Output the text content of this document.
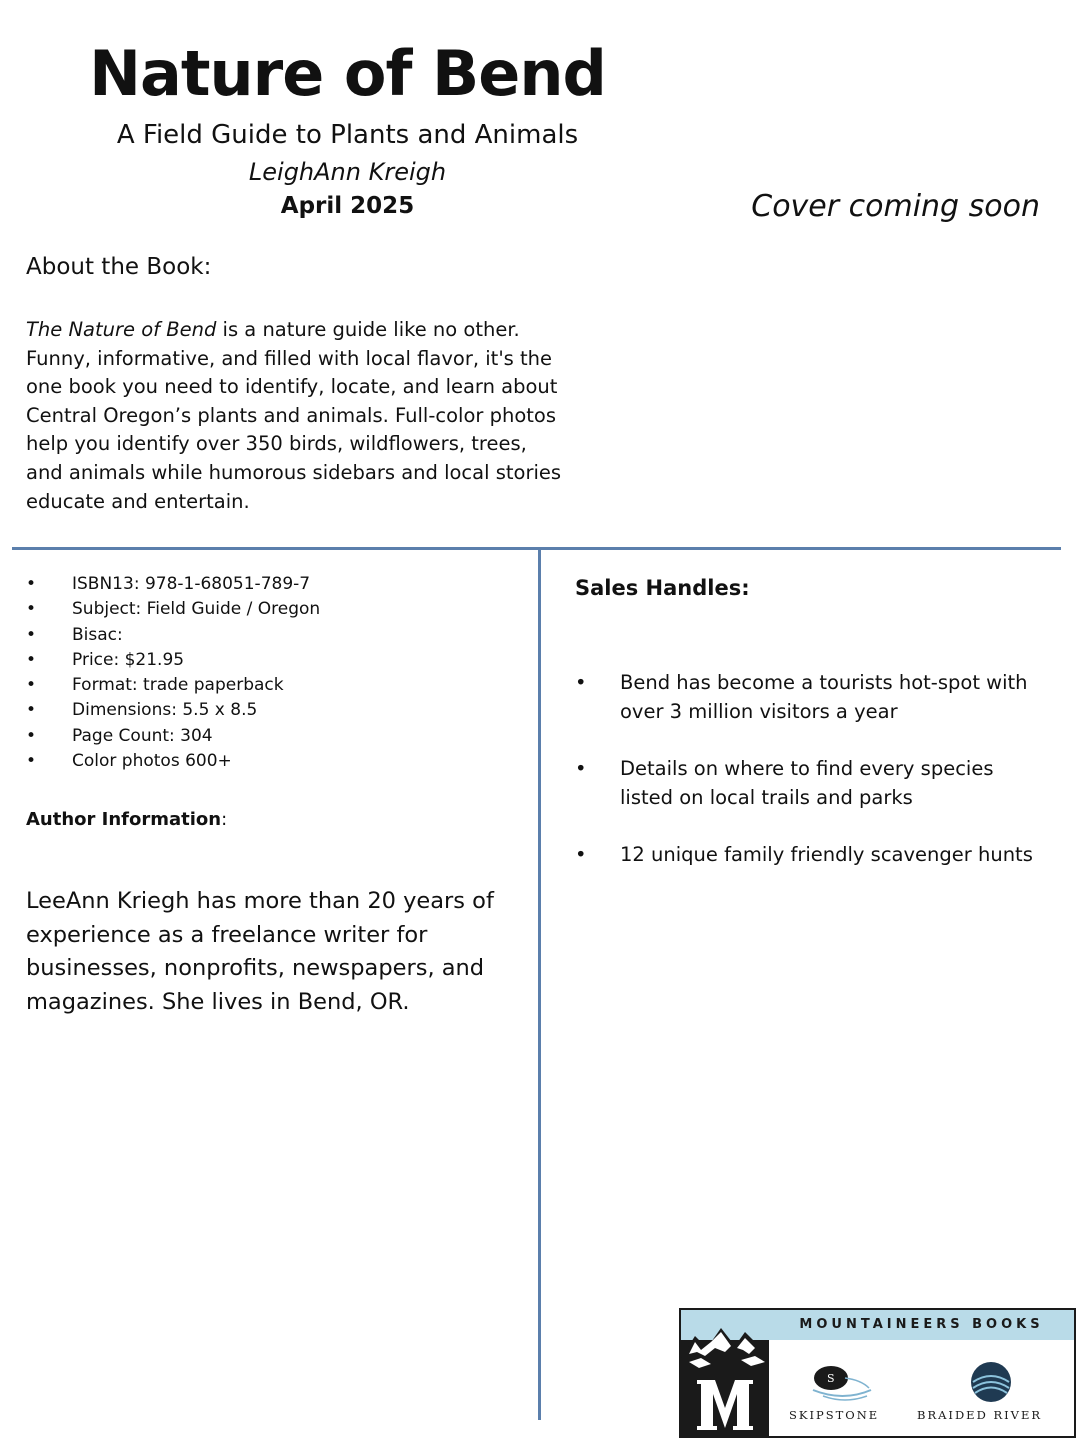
Nature of Bend
A Field Guide to Plants and Animals
LeighAnn Kreigh
April 2025	Cover coming soon
About the Book:
The Nature of Bend is a nature guide like no other. Funny, informative, and filled with local flavor, it's the one book you need to identify, locate, and learn about Central Oregon’s plants and animals. Full-color photos help you identify over 350 birds, wildflowers, trees, and animals while humorous sidebars and local stories educate and entertain.
• ISBN13: 978-1-68051-789-7
• Subject: Field Guide / Oregon
• Bisac:
• Price: $21.95
• Format: trade paperback
• Dimensions: 5.5 x 8.5
• Page Count: 304
• Color photos 600+
Author Information:
LeeAnn Kriegh has more than 20 years of experience as a freelance writer for businesses, nonprofits, newspapers, and magazines. She lives in Bend, OR.
Sales Handles:
• Bend has become a tourists hot-spot with over 3 million visitors a year
• Details on where to find every species listed on local trails and parks
• 12 unique family friendly scavenger hunts
MOUNTAINEERS BOOKS
S
SKIPSTONE	BRAIDED RIVER
